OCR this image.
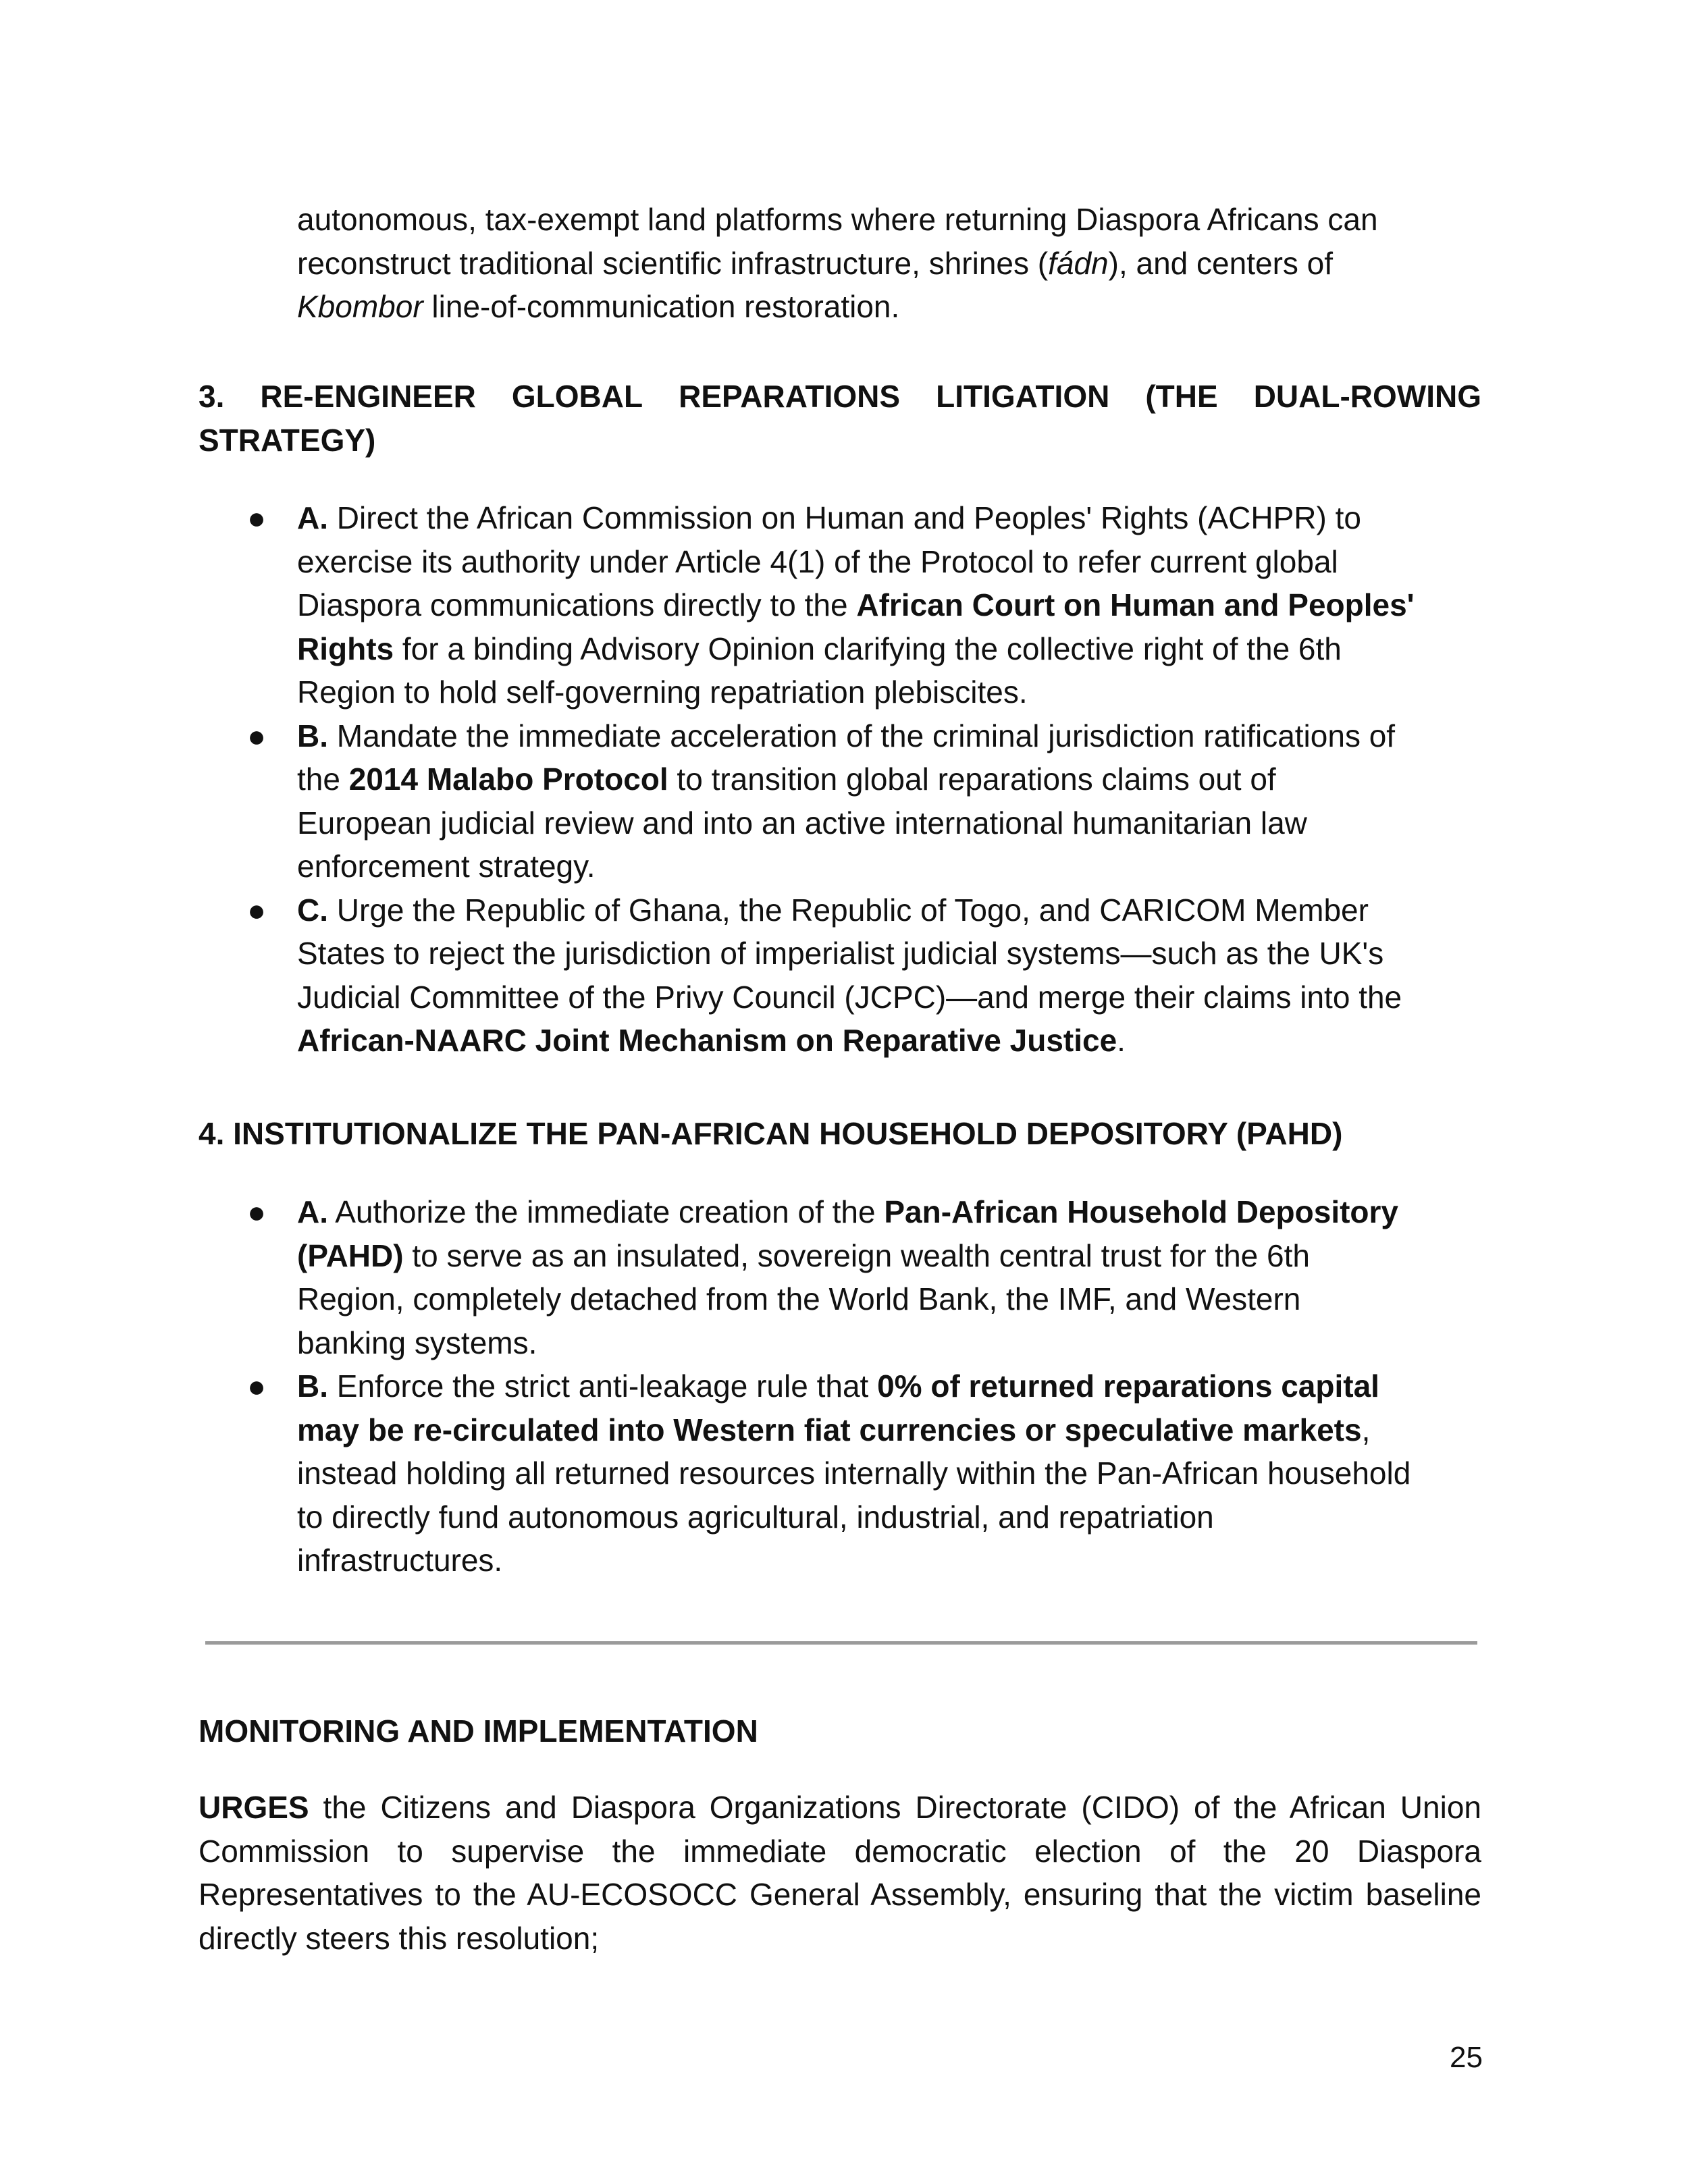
autonomous, tax-exempt land platforms where returning Diaspora Africans can
reconstruct traditional scientific infrastructure, shrines (fádn), and centers of
Kbombor line-of-communication restoration.
3. RE-ENGINEER GLOBAL REPARATIONS LITIGATION (THE DUAL-ROWING
STRATEGY)
● A. Direct the African Commission on Human and Peoples' Rights (ACHPR) to
exercise its authority under Article 4(1) of the Protocol to refer current global
Diaspora communications directly to the African Court on Human and Peoples'
Rights for a binding Advisory Opinion clarifying the collective right of the 6th
Region to hold self-governing repatriation plebiscites.
● B. Mandate the immediate acceleration of the criminal jurisdiction ratifications of
the 2014 Malabo Protocol to transition global reparations claims out of
European judicial review and into an active international humanitarian law
enforcement strategy.
● C. Urge the Republic of Ghana, the Republic of Togo, and CARICOM Member
States to reject the jurisdiction of imperialist judicial systems—such as the UK's
Judicial Committee of the Privy Council (JCPC)—and merge their claims into the
African-NAARC Joint Mechanism on Reparative Justice.
4. INSTITUTIONALIZE THE PAN-AFRICAN HOUSEHOLD DEPOSITORY (PAHD)
● A. Authorize the immediate creation of the Pan-African Household Depository
(PAHD) to serve as an insulated, sovereign wealth central trust for the 6th
Region, completely detached from the World Bank, the IMF, and Western
banking systems.
● B. Enforce the strict anti-leakage rule that 0% of returned reparations capital
may be re-circulated into Western fiat currencies or speculative markets,
instead holding all returned resources internally within the Pan-African household
to directly fund autonomous agricultural, industrial, and repatriation
infrastructures.
MONITORING AND IMPLEMENTATION
URGES the Citizens and Diaspora Organizations Directorate (CIDO) of the African Union Commission to supervise the immediate democratic election of the 20 Diaspora Representatives to the AU-ECOSOCC General Assembly, ensuring that the victim baseline directly steers this resolution;
25
